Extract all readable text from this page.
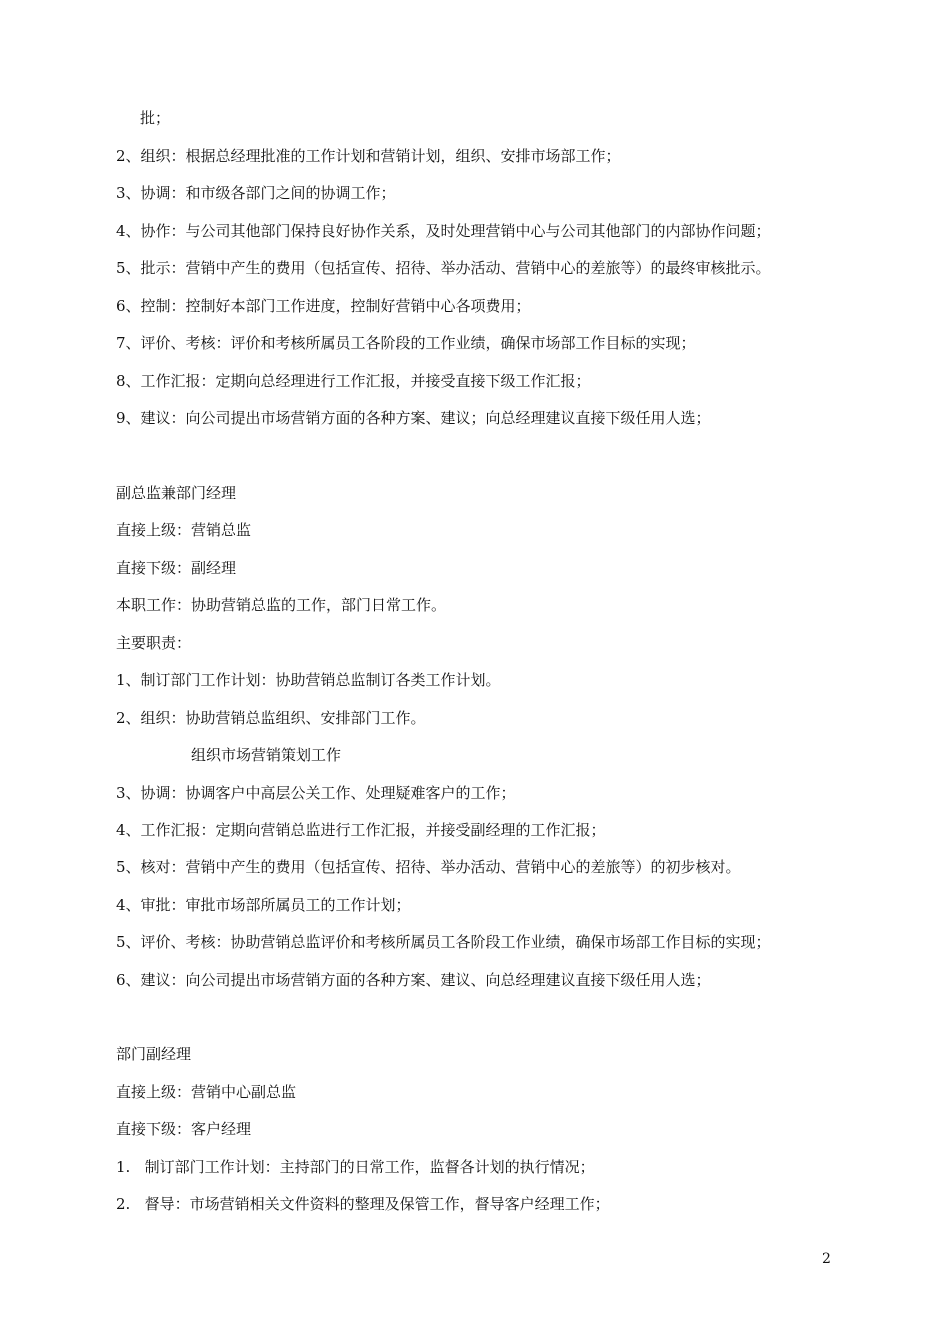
批；
2、组织：根据总经理批准的工作计划和营销计划，组织、安排市场部工作；
3、协调：和市级各部门之间的协调工作；
4、协作：与公司其他部门保持良好协作关系，及时处理营销中心与公司其他部门的内部协作问题；
5、批示：营销中产生的费用（包括宣传、招待、举办活动、营销中心的差旅等）的最终审核批示。
6、控制：控制好本部门工作进度，控制好营销中心各项费用；
7、评价、考核：评价和考核所属员工各阶段的工作业绩，确保市场部工作目标的实现；
8、工作汇报：定期向总经理进行工作汇报，并接受直接下级工作汇报；
9、建议：向公司提出市场营销方面的各种方案、建议；向总经理建议直接下级任用人选；
副总监兼部门经理
直接上级：营销总监
直接下级：副经理
本职工作：协助营销总监的工作，部门日常工作。
主要职责：
1、制订部门工作计划：协助营销总监制订各类工作计划。
2、组织：协助营销总监组织、安排部门工作。
组织市场营销策划工作
3、协调：协调客户中高层公关工作、处理疑难客户的工作；
4、工作汇报：定期向营销总监进行工作汇报，并接受副经理的工作汇报；
5、核对：营销中产生的费用（包括宣传、招待、举办活动、营销中心的差旅等）的初步核对。
4、审批：审批市场部所属员工的工作计划；
5、评价、考核：协助营销总监评价和考核所属员工各阶段工作业绩，确保市场部工作目标的实现；
6、建议：向公司提出市场营销方面的各种方案、建议、向总经理建议直接下级任用人选；
部门副经理
直接上级：营销中心副总监
直接下级：客户经理
1.   制订部门工作计划：主持部门的日常工作，监督各计划的执行情况；
2.   督导：市场营销相关文件资料的整理及保管工作，督导客户经理工作；
2
